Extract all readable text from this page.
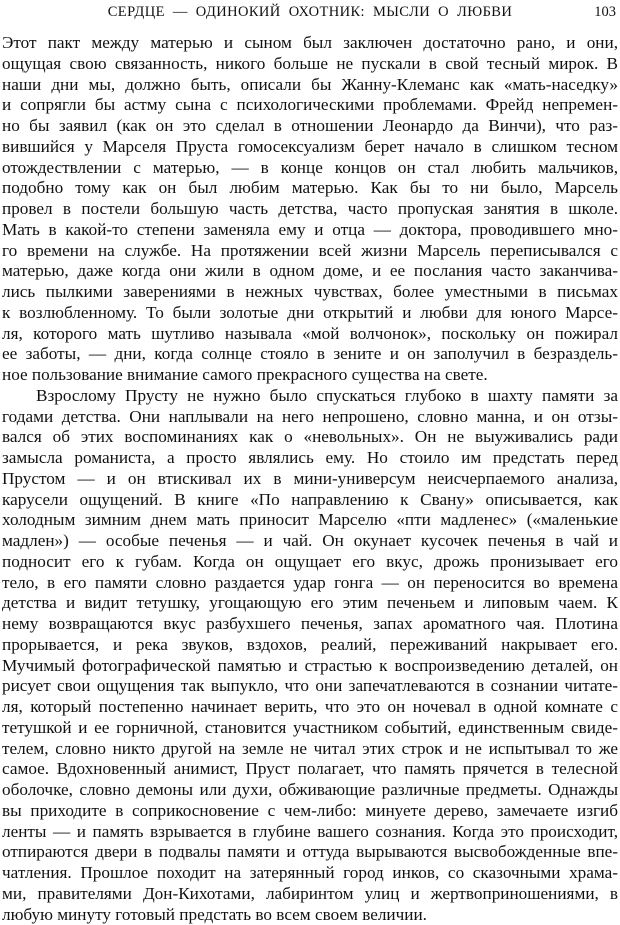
СЕРДЦЕ — ОДИНОКИЙ ОХОТНИК: МЫСЛИ О ЛЮБВИ	103
Этот пакт между матерью и сыном был заключен достаточно рано, и они,
ощущая свою связанность, никого больше не пускали в свой тесный мирок. В
наши дни мы, должно быть, описали бы Жанну-Клеманс как «мать-наседку»
и сопрягли бы астму сына с психологическими проблемами. Фрейд непремен-
но бы заявил (как он это сделал в отношении Леонардо да Винчи), что раз-
вившийся у Марселя Пруста гомосексуализм берет начало в слишком тесном
отождествлении с матерью, — в конце концов он стал любить мальчиков,
подобно тому как он был любим матерью. Как бы то ни было, Марсель
провел в постели большую часть детства, часто пропуская занятия в школе.
Мать в какой-то степени заменяла ему и отца — доктора, проводившего мно-
го времени на службе. На протяжении всей жизни Марсель переписывался с
матерью, даже когда они жили в одном доме, и ее послания часто заканчива-
лись пылкими заверениями в нежных чувствах, более уместными в письмах
к возлюбленному. То были золотые дни открытий и любви для юного Марсе-
ля, которого мать шутливо называла «мой волчонок», поскольку он пожирал
ее заботы, — дни, когда солнце стояло в зените и он заполучил в безраздель-
ное пользование внимание самого прекрасного существа на свете.
Взрослому Прусту не нужно было спускаться глубоко в шахту памяти за
годами детства. Они наплывали на него непрошено, словно манна, и он отзы-
вался об этих воспоминаниях как о «невольных». Он не выуживались ради
замысла романиста, а просто являлись ему. Но стоило им предстать перед
Прустом — и он втискивал их в мини-универсум неисчерпаемого анализа,
карусели ощущений. В книге «По направлению к Свану» описывается, как
холодным зимним днем мать приносит Марселю «пти мадленес» («маленькие
мадлен») — особые печенья — и чай. Он окунает кусочек печенья в чай и
подносит его к губам. Когда он ощущает его вкус, дрожь пронизывает его
тело, в его памяти словно раздается удар гонга — он переносится во времена
детства и видит тетушку, угощающую его этим печеньем и липовым чаем. К
нему возвращаются вкус разбухшего печенья, запах ароматного чая. Плотина
прорывается, и река звуков, вздохов, реалий, переживаний накрывает его.
Мучимый фотографической памятью и страстью к воспроизведению деталей, он
рисует свои ощущения так выпукло, что они запечатлеваются в сознании читате-
ля, который постепенно начинает верить, что это он ночевал в одной комнате с
тетушкой и ее горничной, становится участником событий, единственным свиде-
телем, словно никто другой на земле не читал этих строк и не испытывал то же
самое. Вдохновенный анимист, Пруст полагает, что память прячется в телесной
оболочке, словно демоны или духи, обживающие различные предметы. Однажды
вы приходите в соприкосновение с чем-либо: минуете дерево, замечаете изгиб
ленты — и память взрывается в глубине вашего сознания. Когда это происходит,
отпираются двери в подвалы памяти и оттуда вырываются высвобожденные впе-
чатления. Прошлое походит на затерянный город инков, со сказочными храма-
ми, правителями Дон-Кихотами, лабиринтом улиц и жертвоприношениями, в
любую минуту готовый предстать во всем своем величии.
